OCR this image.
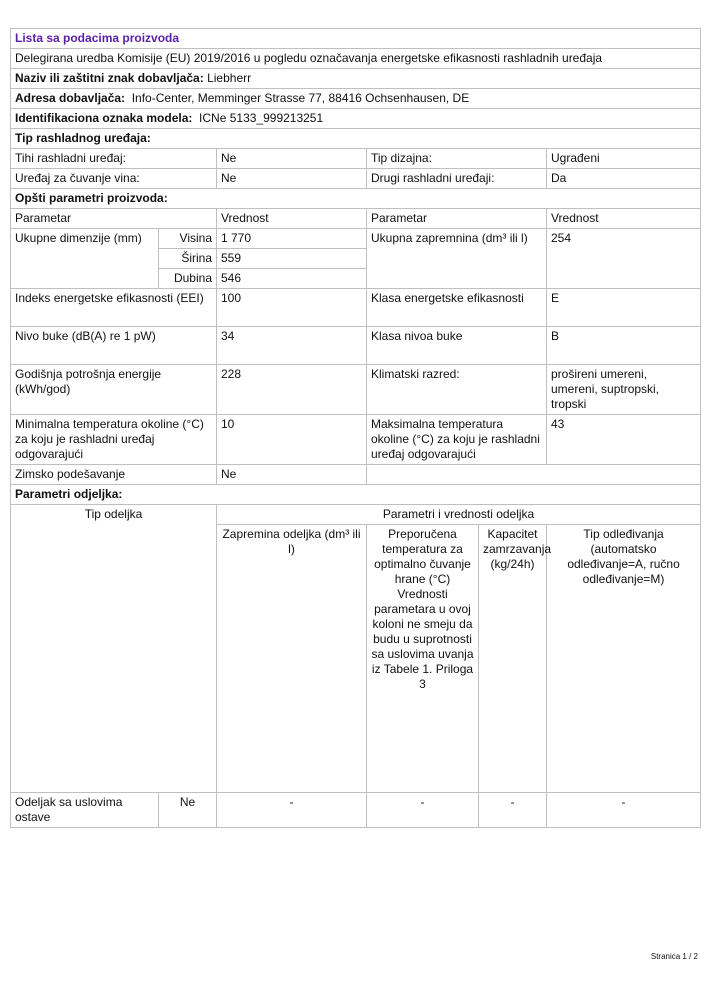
Lista sa podacima proizvoda					
Delegirana uredba Komisije (EU) 2019/2016 u pogledu označavanja energetske efikasnosti rashladnih uređaja					
Naziv ili zaštitni znak dobavljača: Liebherr					
Adresa dobavljača: Info-Center, Memminger Strasse 77, 88416 Ochsenhausen, DE					
Identifikaciona oznaka modela: ICNe 5133_999213251					
Tip rashladnog uređaja:					
Tihi rashladni uređaj:		Ne	Tip dizajna:		Ugrađeni
Uređaj za čuvanje vina:		Ne	Drugi rashladni uređaji:		Da
Opšti parametri proizvoda:					
Parametar		Vrednost	Parametar		Vrednost
Ukupne dimenzije (mm)	Visina	1 770	Ukupna zapremnina (dm³ ili l)		254
	Širina	559			
	Dubina	546			
Indeks energetske efikasnosti (EEI)		100	Klasa energetske efikasnosti		E
Nivo buke (dB(A) re 1 pW)		34	Klasa nivoa buke		B
Godišnja potrošnja energije (kWh/god)		228	Klimatski razred:		prošireni umereni, umereni, suptropski, tropski
Minimalna temperatura okoline (°C) za koju je rashladni uređaj odgovarajući		10	Maksimalna temperatura okoline (°C) za koju je rashladni uređaj odgovarajući		43
Zimsko podešavanje		Ne			
Parametri odjeljka:					
Tip odeljka		Parametri i vrednosti odeljka			
		Zapremina odeljka (dm³ ili l)	Preporučena temperatura za optimalno čuvanje hrane (°C) Vrednosti parametara u ovoj koloni ne smeju da budu u suprotnosti sa uslovima uvanja iz Tabele 1. Priloga 3	Kapacitet zamrzavanja (kg/24h)	Tip odleđivanja (automatsko odleđivanje=A, ručno odleđivanje=M)
Odeljak sa uslovima ostave	Ne	-	-	-	-
Stranica 1 / 2
